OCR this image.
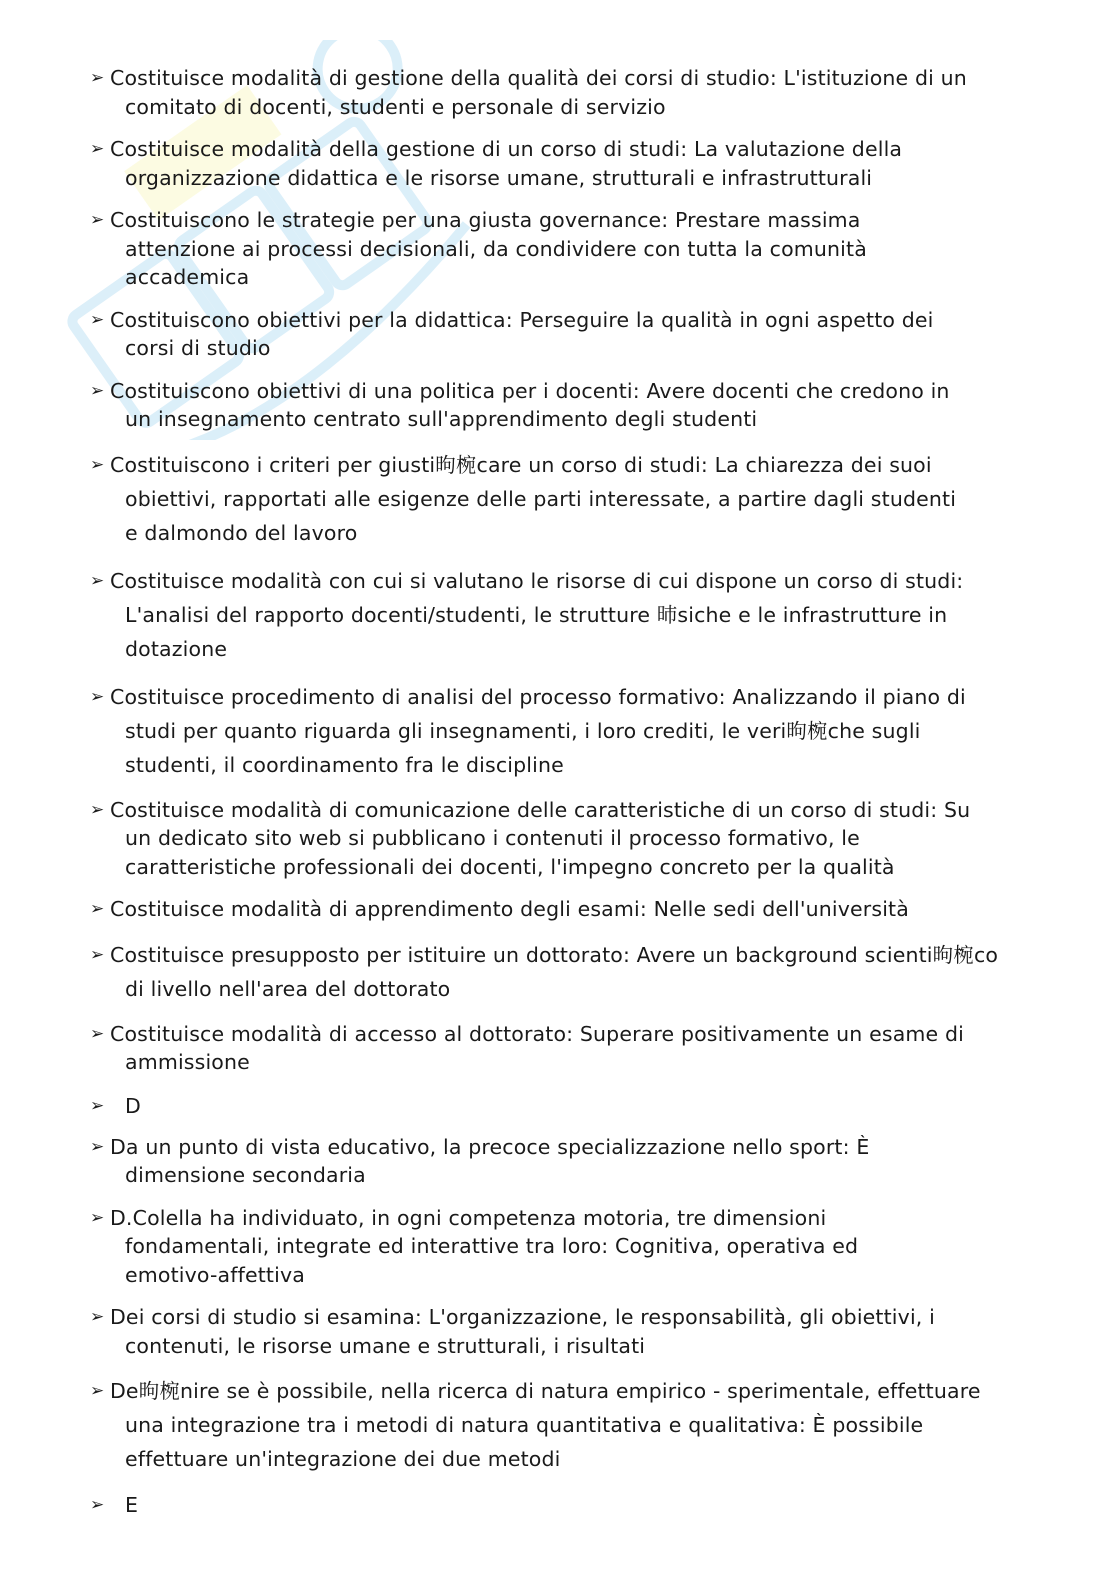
➢ Costituisce modalità di gestione della qualità dei corsi di studio: L'istituzione di un
comitato di docenti, studenti e personale di servizio
➢ Costituisce modalità della gestione di un corso di studi: La valutazione della
organizzazione didattica e le risorse umane, strutturali e infrastrutturali
➢ Costituiscono le strategie per una giusta governance: Prestare massima
attenzione ai processi decisionali, da condividere con tutta la comunità
accademica
➢ Costituiscono obiettivi per la didattica: Perseguire la qualità in ogni aspetto dei
corsi di studio
➢ Costituiscono obiettivi di una politica per i docenti: Avere docenti che credono in
un insegnamento centrato sull'apprendimento degli studenti
➢ Costituiscono i criteri per giusti昫椀care un corso di studi: La chiarezza dei suoi
obiettivi, rapportati alle esigenze delle parti interessate, a partire dagli studenti
e dalmondo del lavoro
➢ Costituisce modalità con cui si valutano le risorse di cui dispone un corso di studi:
L'analisi del rapporto docenti/studenti, le strutture 昁siche e le infrastrutture in
dotazione
➢ Costituisce procedimento di analisi del processo formativo: Analizzando il piano di
studi per quanto riguarda gli insegnamenti, i loro crediti, le veri昫椀che sugli
studenti, il coordinamento fra le discipline
➢ Costituisce modalità di comunicazione delle caratteristiche di un corso di studi: Su
un dedicato sito web si pubblicano i contenuti il processo formativo, le
caratteristiche professionali dei docenti, l'impegno concreto per la qualità
➢ Costituisce modalità di apprendimento degli esami: Nelle sedi dell'università
➢ Costituisce presupposto per istituire un dottorato: Avere un background scienti昫椀co
di livello nell'area del dottorato
➢ Costituisce modalità di accesso al dottorato: Superare positivamente un esame di
ammissione
➢ D
➢ Da un punto di vista educativo, la precoce specializzazione nello sport: È
dimensione secondaria
➢ D.Colella ha individuato, in ogni competenza motoria, tre dimensioni
fondamentali, integrate ed interattive tra loro: Cognitiva, operativa ed
emotivo-affettiva
➢ Dei corsi di studio si esamina: L'organizzazione, le responsabilità, gli obiettivi, i
contenuti, le risorse umane e strutturali, i risultati
➢ De昫椀nire se è possibile, nella ricerca di natura empirico - sperimentale, effettuare
una integrazione tra i metodi di natura quantitativa e qualitativa: È possibile
effettuare un'integrazione dei due metodi
➢ E
